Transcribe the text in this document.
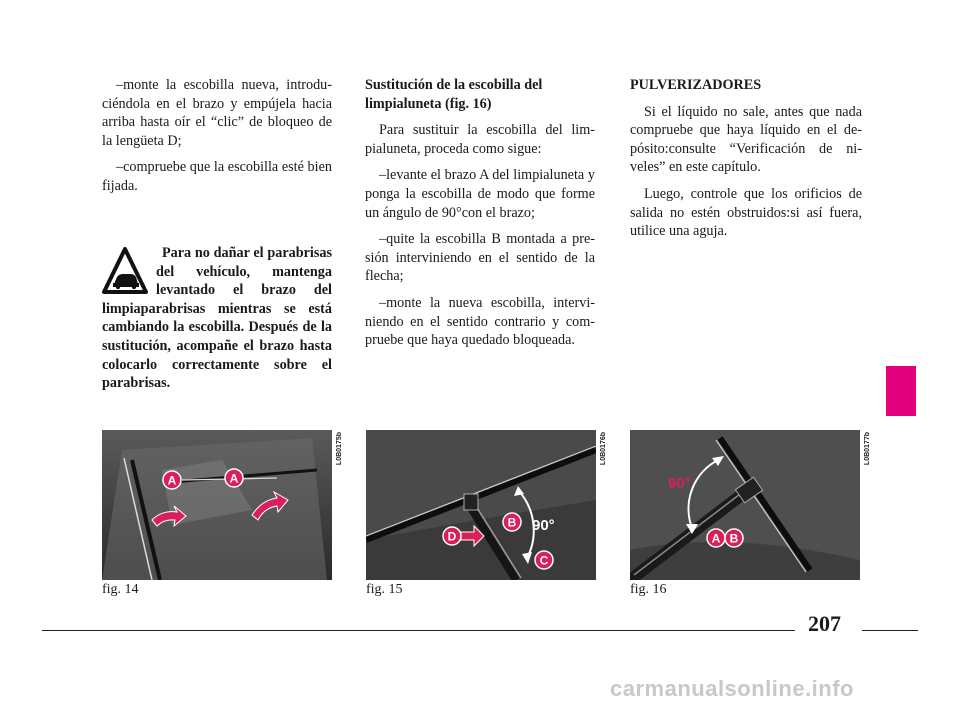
–monte la escobilla nueva, introduciéndola en el brazo y empújela hacia arriba hasta oír el “clic” de bloqueo de la lengüeta D;

–compruebe que la escobilla esté bien fijada.

Para no dañar el parabrisas del vehículo, mantenga levantado el brazo del limpiaparabrisas mientras se está cambiando la escobilla. Después de la sustitución, acompañe el brazo hasta colocarlo correctamente sobre el parabrisas.

Sustitución de la escobilla del limpialuneta (fig. 16)

Para sustituir la escobilla del limpialuneta, proceda como sigue:

–levante el brazo A del limpialuneta y ponga la escobilla de modo que forme un ángulo de 90°con el brazo;

–quite la escobilla B montada a presión interviniendo en el sentido de la flecha;

–monte la nueva escobilla, interviniendo en el sentido contrario y compruebe que haya quedado bloqueada.

PULVERIZADORES

Si el líquido no sale, antes que nada compruebe que haya líquido en el depósito:consulte “Verificación de niveles” en este capítulo.

Luego, controle que los orificios de salida no estén obstruidos:si así fuera, utilice una aguja.

A	A
L0B0175b
fig. 14
90°
B
C
D
L0B0176b
fig. 15
90°
A B
L0B0177b
fig. 16
207
carmanualsonline.info
